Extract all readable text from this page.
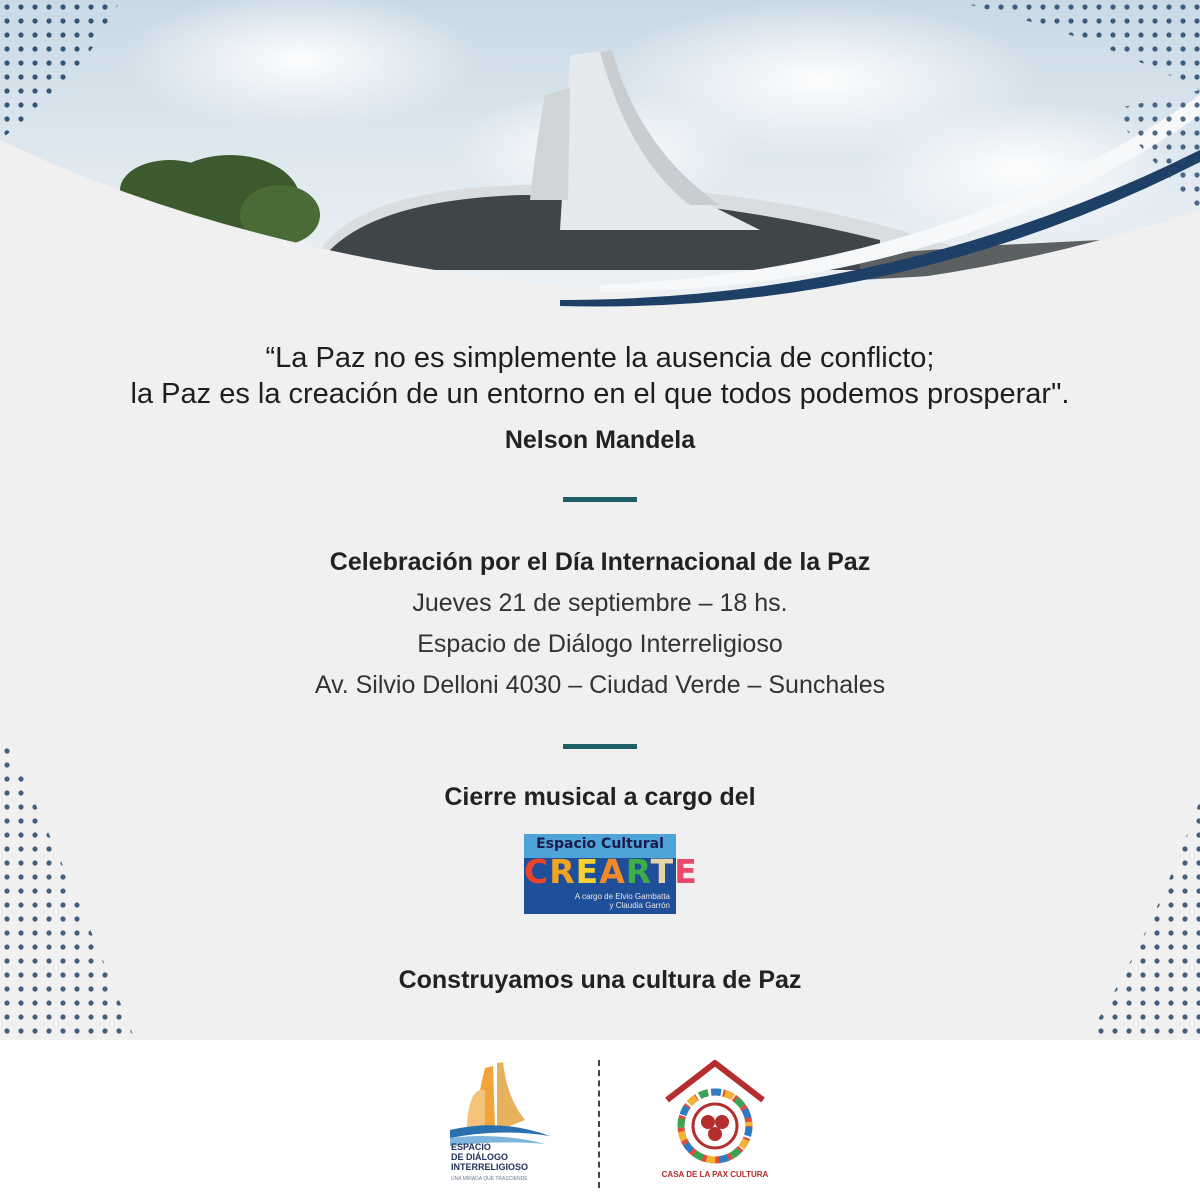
“La Paz no es simplemente la ausencia de conflicto;

la Paz es la creación de un entorno en el que todos podemos prosperar".

Nelson Mandela

Celebración por el Día Internacional de la Paz

Jueves 21 de septiembre – 18 hs.

Espacio de Diálogo Interreligioso

Av. Silvio Delloni 4030 – Ciudad Verde – Sunchales

Cierre musical a cargo del
Espacio Cultural
CREARTE
A cargo de Elvio Gambatta
y Claudia Garrón
Construyamos una cultura de Paz
ESPACIO
DE DIÁLOGO
INTERRELIGIOSO
UNA MIRADA QUE TRASCIENDE	CASA DE LA PAX CULTURA
